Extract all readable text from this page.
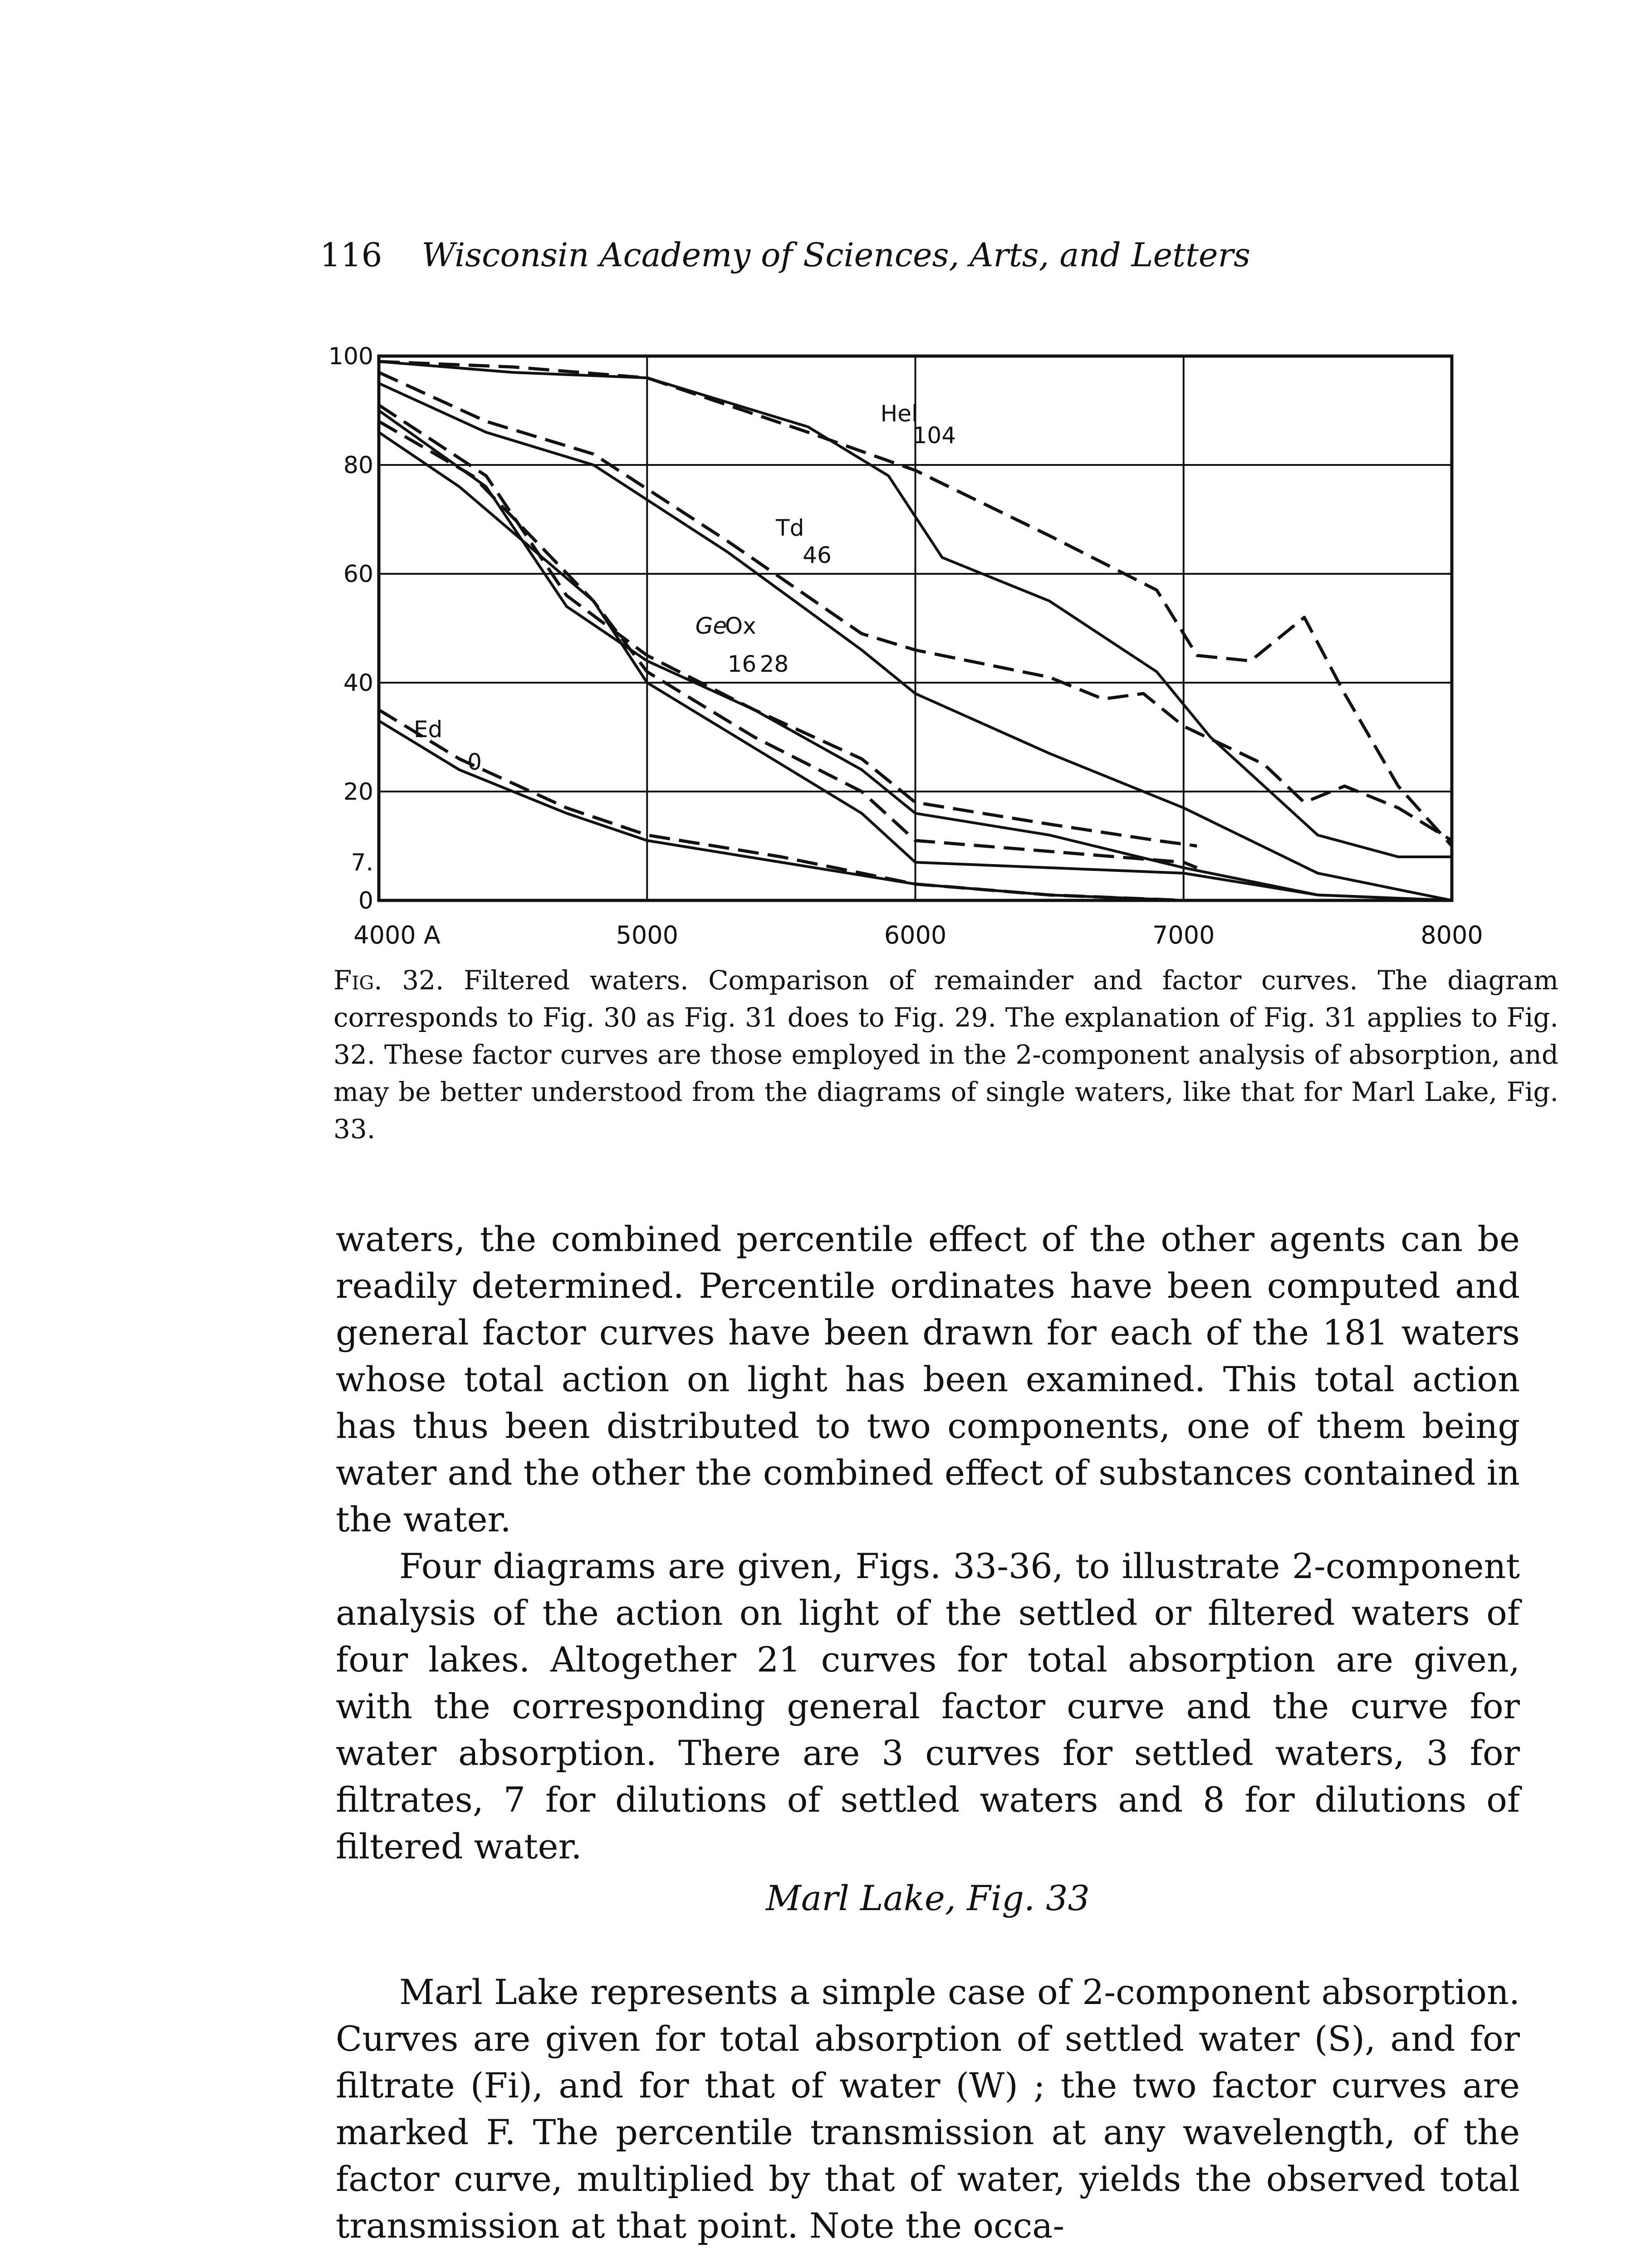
116 Wisconsin Academy of Sciences, Arts, and Letters
4000 A	5000	6000	7000	8000
0
7.
20
40
60
80
100
Hel
104
Td
46
Ge
16
Ox
28
Ed
0
Fig. 32. Filtered waters. Comparison of remainder and factor curves. The diagram corresponds to Fig. 30 as Fig. 31 does to Fig. 29. The explanation of Fig. 31 applies to Fig. 32. These factor curves are those employed in the 2-component analysis of absorption, and may be better understood from the diagrams of single waters, like that for Marl Lake, Fig. 33.

waters, the combined percentile effect of the other agents can be readily determined. Percentile ordinates have been computed and general factor curves have been drawn for each of the 181 waters whose total action on light has been examined. This total action has thus been distributed to two components, one of them being water and the other the combined effect of substances contained in the water.

Four diagrams are given, Figs. 33-36, to illustrate 2-component analysis of the action on light of the settled or filtered waters of four lakes. Altogether 21 curves for total absorption are given, with the corresponding general factor curve and the curve for water absorption. There are 3 curves for settled waters, 3 for filtrates, 7 for dilutions of settled waters and 8 for dilutions of filtered water.

Marl Lake, Fig. 33

Marl Lake represents a simple case of 2-component absorption. Curves are given for total absorption of settled water (S), and for filtrate (Fi), and for that of water (W) ; the two factor curves are marked F. The percentile transmission at any wavelength, of the factor curve, multiplied by that of water, yields the observed total transmission at that point. Note the occa-
